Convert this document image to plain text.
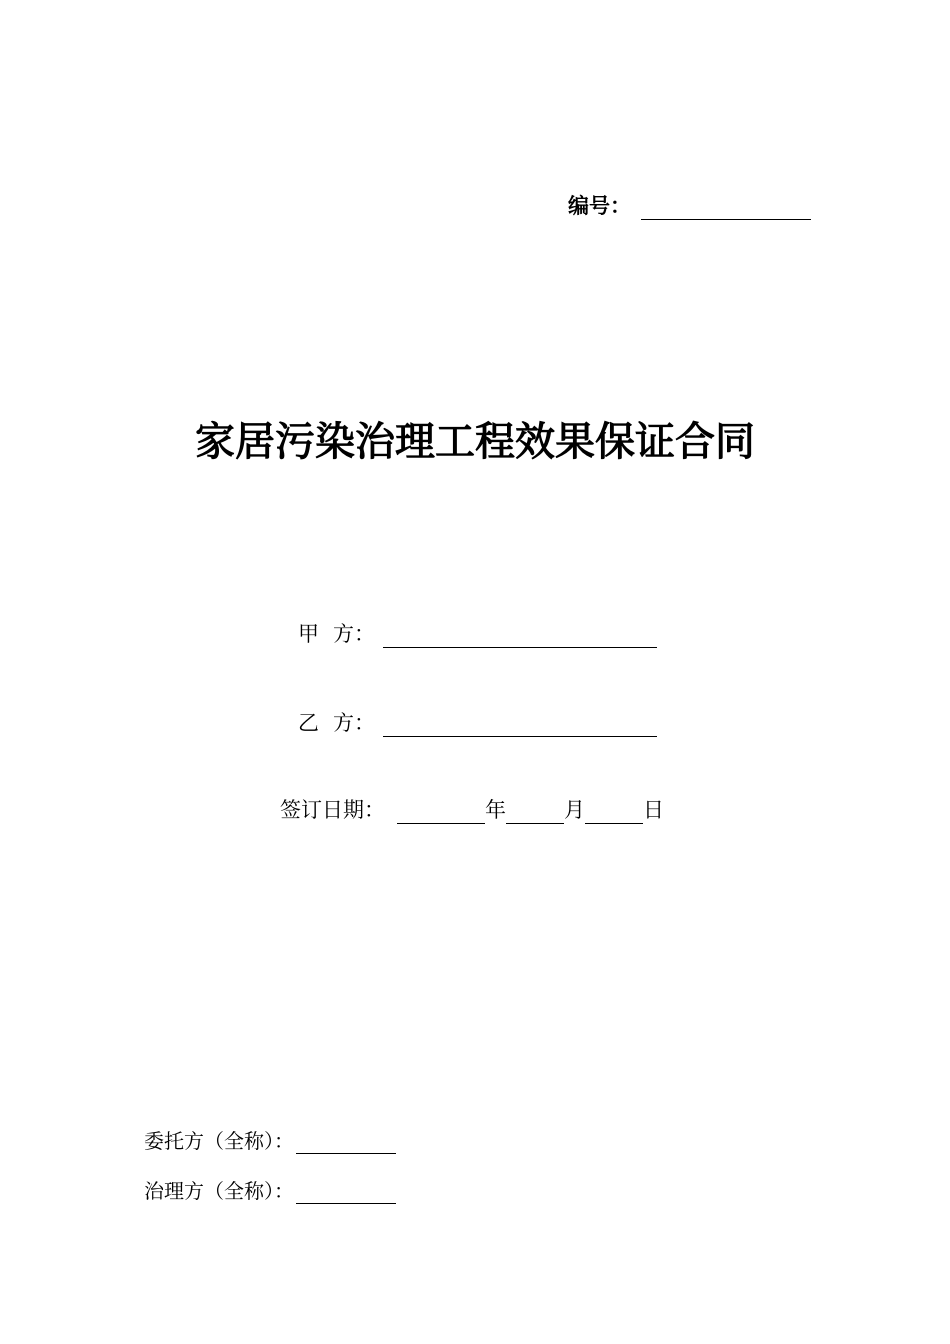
编号：
家居污染治理工程效果保证合同
甲 方：
乙 方：
签订日期：	年	月	日
委托方（全称）：
治理方（全称）：
